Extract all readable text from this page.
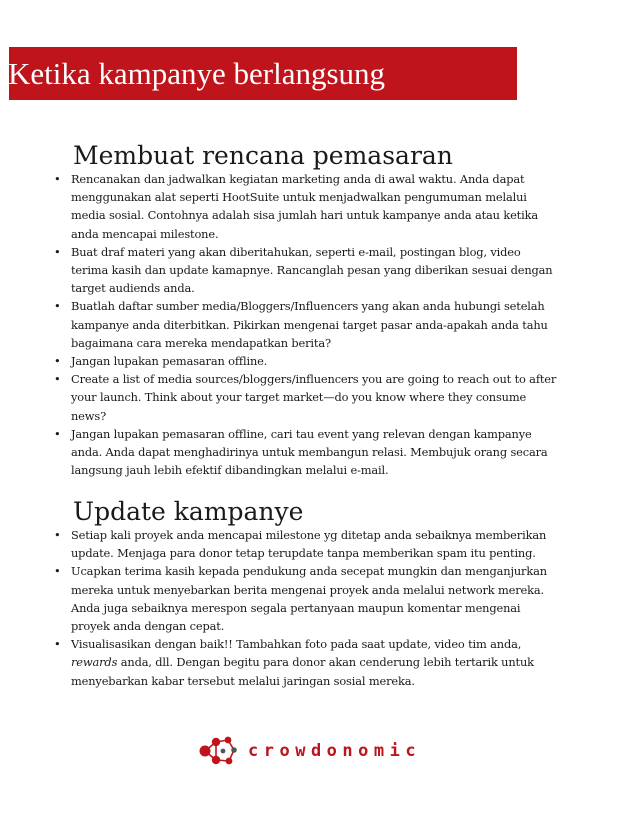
Ketika kampanye berlangsung
Membuat rencana pemasaran
• Rencanakan dan jadwalkan kegiatan marketing anda di awal waktu. Anda dapat menggunakan alat seperti HootSuite untuk menjadwalkan pengumuman melalui media sosial. Contohnya adalah sisa jumlah hari untuk kampanye anda atau ketika anda mencapai milestone.
• Buat draf materi yang akan diberitahukan, seperti e-mail, postingan blog, video terima kasih dan update kamapnye. Rancanglah pesan yang diberikan sesuai dengan target audiends anda.
• Buatlah daftar sumber media/Bloggers/Influencers yang akan anda hubungi setelah kampanye anda diterbitkan. Pikirkan mengenai target pasar anda-apakah anda tahu bagaimana cara mereka mendapatkan berita?
• Jangan lupakan pemasaran offline.
• Create a list of media sources/bloggers/influencers you are going to reach out to after your launch. Think about your target market—do you know where they consume news?
• Jangan lupakan pemasaran offline, cari tau event yang relevan dengan kampanye anda. Anda dapat menghadirinya untuk membangun relasi. Membujuk orang secara langsung jauh lebih efektif dibandingkan melalui e-mail.
Update kampanye
• Setiap kali proyek anda mencapai milestone yg ditetap anda sebaiknya memberikan update. Menjaga para donor tetap terupdate tanpa memberikan spam itu penting.
• Ucapkan terima kasih kepada pendukung anda secepat mungkin dan menganjurkan mereka untuk menyebarkan berita mengenai proyek anda melalui network mereka. Anda juga sebaiknya merespon segala pertanyaan maupun komentar mengenai proyek anda dengan cepat.
• Visualisasikan dengan baik!! Tambahkan foto pada saat update, video tim anda, rewards anda, dll. Dengan begitu para donor akan cenderung lebih tertarik untuk menyebarkan kabar tersebut melalui jaringan sosial mereka.
crowdonomic
